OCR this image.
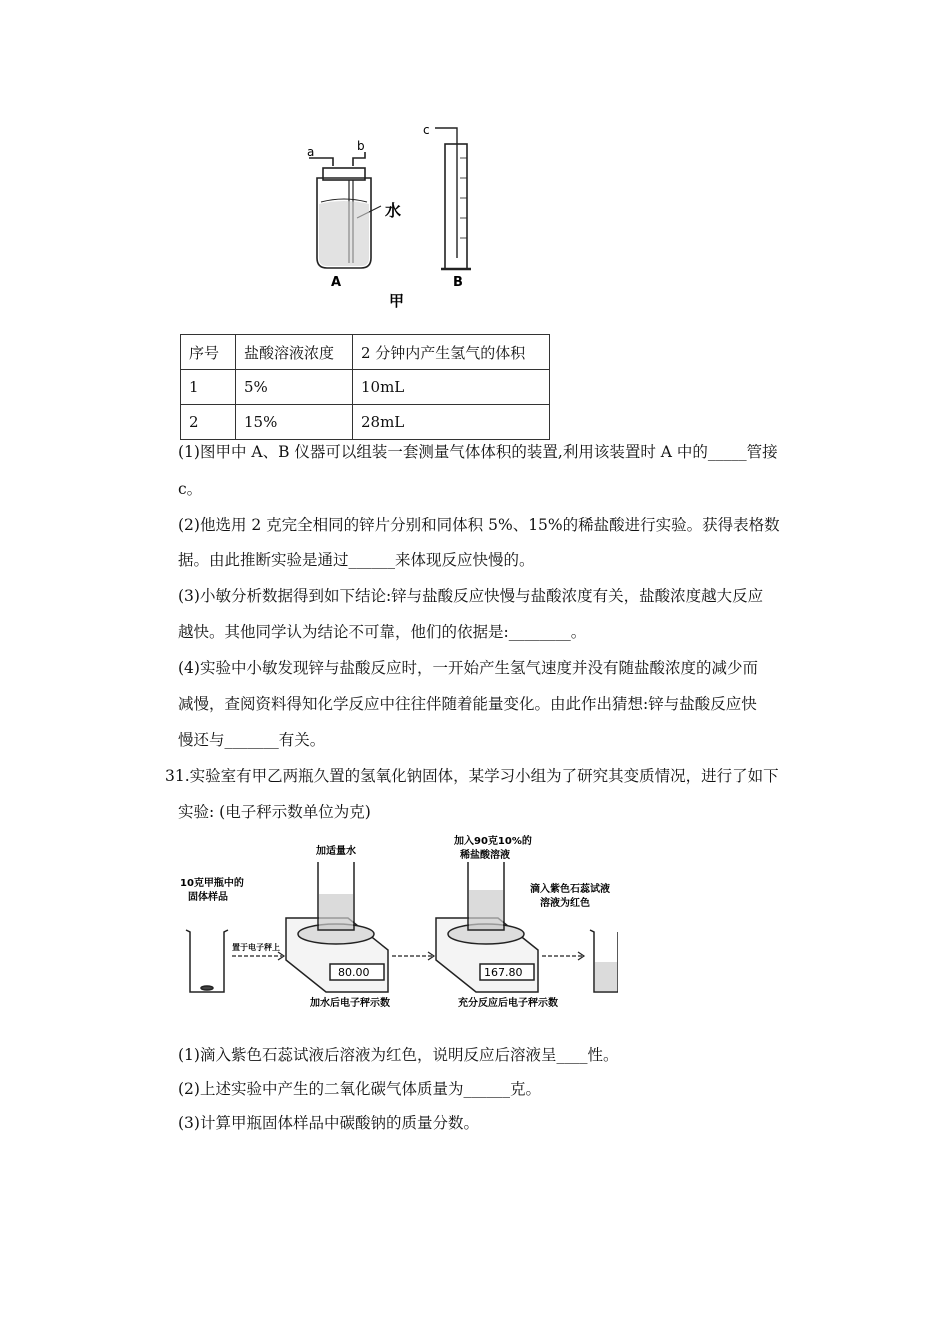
a	b
c
水
A	B
甲
序号	盐酸溶液浓度	2 分钟内产生氢气的体积
1	5%	10mL
2	15%	28mL
(1)图甲中 A、B 仪器可以组装一套测量气体体积的装置,利用该装置时 A 中的_____管接
c。
(2)他选用 2 克完全相同的锌片分别和同体积 5%、15%的稀盐酸进行实验。获得表格数
据。由此推断实验是通过______来体现反应快慢的。
(3)小敏分析数据得到如下结论:锌与盐酸反应快慢与盐酸浓度有关，盐酸浓度越大反应
越快。其他同学认为结论不可靠，他们的依据是:________。
(4)实验中小敏发现锌与盐酸反应时，一开始产生氢气速度并没有随盐酸浓度的减少而
减慢，查阅资料得知化学反应中往往伴随着能量变化。由此作出猜想:锌与盐酸反应快
慢还与_______有关。
31.实验室有甲乙两瓶久置的氢氧化钠固体，某学习小组为了研究其变质情况，进行了如下
实验: (电子秤示数单位为克)
10克甲瓶中的
固体样品
置于电子秤上
80.00
加适量水
加水后电子秤示数
167.80
加入90克10%的
稀盐酸溶液
充分反应后电子秤示数
滴入紫色石蕊试液
溶液为红色
(1)滴入紫色石蕊试液后溶液为红色，说明反应后溶液呈____性。
(2)上述实验中产生的二氧化碳气体质量为______克。
(3)计算甲瓶固体样品中碳酸钠的质量分数。
